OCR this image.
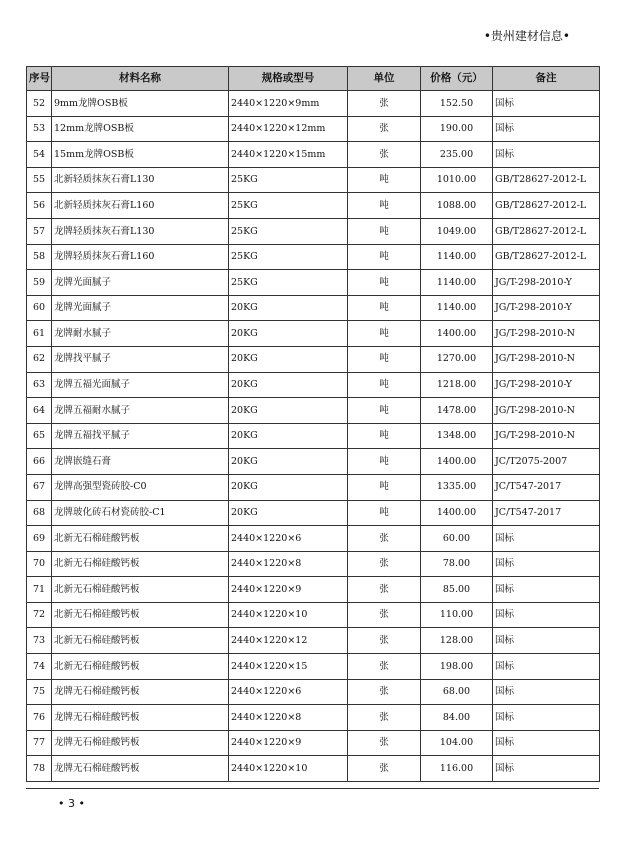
•贵州建材信息•
序号	材料名称	规格或型号	单位	价格（元）	备注
52	9mm龙牌OSB板	2440×1220×9mm	张	152.50	国标
53	12mm龙牌OSB板	2440×1220×12mm	张	190.00	国标
54	15mm龙牌OSB板	2440×1220×15mm	张	235.00	国标
55	北新轻质抹灰石膏L130	25KG	吨	1010.00	GB/T28627-2012-L
56	北新轻质抹灰石膏L160	25KG	吨	1088.00	GB/T28627-2012-L
57	龙牌轻质抹灰石膏L130	25KG	吨	1049.00	GB/T28627-2012-L
58	龙牌轻质抹灰石膏L160	25KG	吨	1140.00	GB/T28627-2012-L
59	龙牌光面腻子	25KG	吨	1140.00	JG/T-298-2010-Y
60	龙牌光面腻子	20KG	吨	1140.00	JG/T-298-2010-Y
61	龙牌耐水腻子	20KG	吨	1400.00	JG/T-298-2010-N
62	龙牌找平腻子	20KG	吨	1270.00	JG/T-298-2010-N
63	龙牌五福光面腻子	20KG	吨	1218.00	JG/T-298-2010-Y
64	龙牌五福耐水腻子	20KG	吨	1478.00	JG/T-298-2010-N
65	龙牌五福找平腻子	20KG	吨	1348.00	JG/T-298-2010-N
66	龙牌嵌缝石膏	20KG	吨	1400.00	JC/T2075-2007
67	龙牌高强型瓷砖胶-C0	20KG	吨	1335.00	JC/T547-2017
68	龙牌玻化砖石材瓷砖胶-C1	20KG	吨	1400.00	JC/T547-2017
69	北新无石棉硅酸钙板	2440×1220×6	张	60.00	国标
70	北新无石棉硅酸钙板	2440×1220×8	张	78.00	国标
71	北新无石棉硅酸钙板	2440×1220×9	张	85.00	国标
72	北新无石棉硅酸钙板	2440×1220×10	张	110.00	国标
73	北新无石棉硅酸钙板	2440×1220×12	张	128.00	国标
74	北新无石棉硅酸钙板	2440×1220×15	张	198.00	国标
75	龙牌无石棉硅酸钙板	2440×1220×6	张	68.00	国标
76	龙牌无石棉硅酸钙板	2440×1220×8	张	84.00	国标
77	龙牌无石棉硅酸钙板	2440×1220×9	张	104.00	国标
78	龙牌无石棉硅酸钙板	2440×1220×10	张	116.00	国标
• 3 •
